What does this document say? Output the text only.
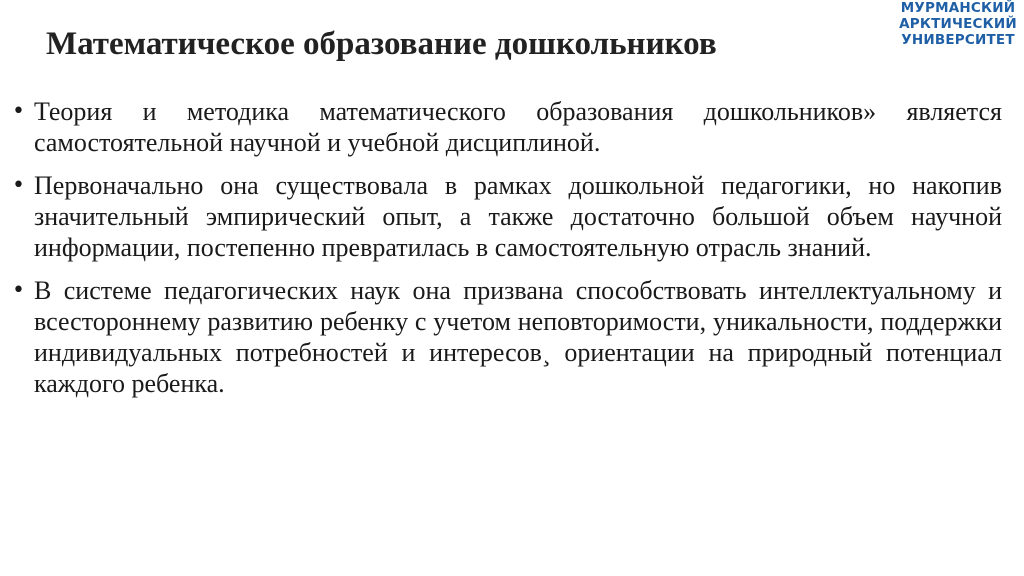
Математическое образование дошкольников
МУРМАНСКИЙ
АРКТИЧЕСКИЙ
УНИВЕРСИТЕТ
• Теория и методика математического образования дошкольников» является самостоятельной научной и учебной дисциплиной.
• Первоначально она существовала в рамках дошкольной педагогики, но накопив значительный эмпирический опыт, а также достаточно большой объем научной информации, постепенно превратилась в самостоятельную отрасль знаний.
• В системе педагогических наук она призвана способствовать интеллектуальному и всестороннему развитию ребенку с учетом неповторимости, уникальности, поддержки индивидуальных потребностей и интересов¸ ориентации на природный потенциал каждого ребенка.
